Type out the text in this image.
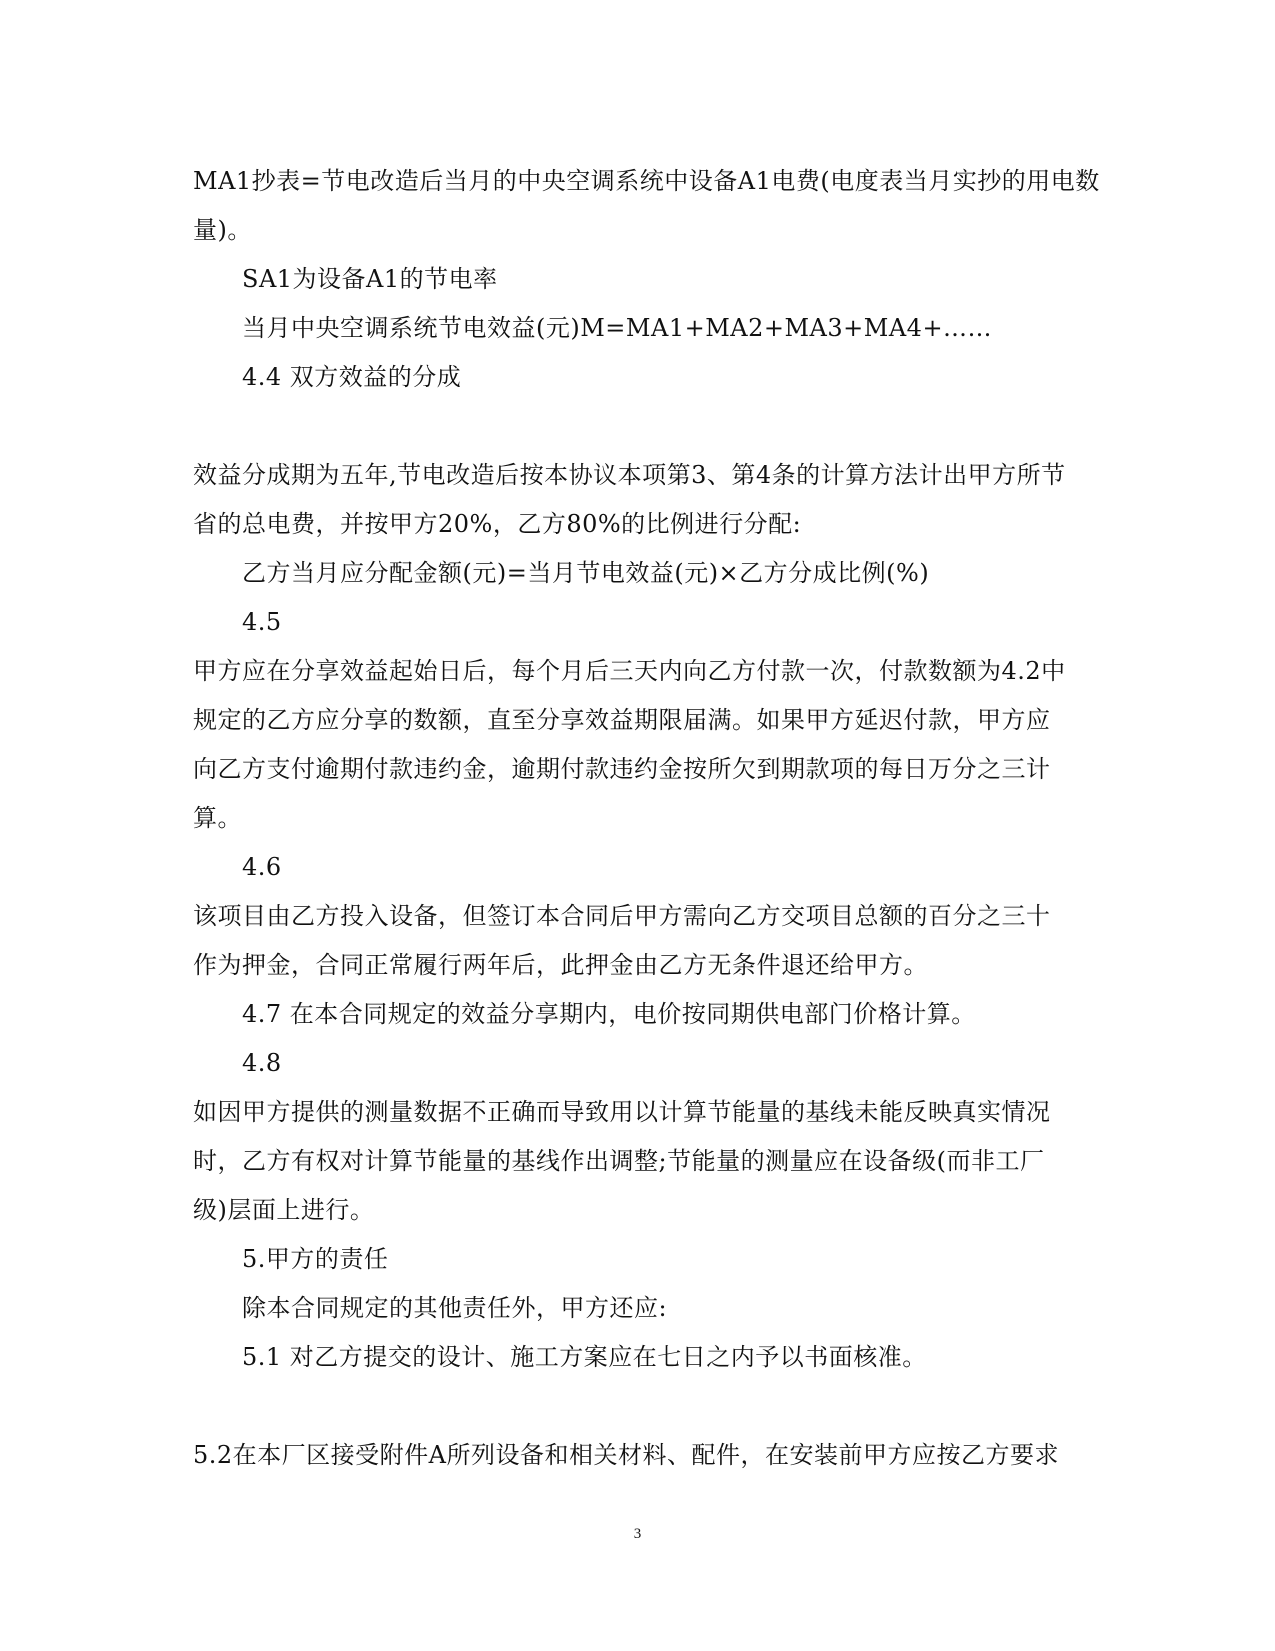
MA1抄表=节电改造后当月的中央空调系统中设备A1电费(电度表当月实抄的用电数
量)。
SA1为设备A1的节电率
当月中央空调系统节电效益(元)M=MA1+MA2+MA3+MA4+……
4.4 双方效益的分成
效益分成期为五年,节电改造后按本协议本项第3、第4条的计算方法计出甲方所节
省的总电费，并按甲方20%，乙方80%的比例进行分配:
乙方当月应分配金额(元)=当月节电效益(元)×乙方分成比例(%)
4.5
甲方应在分享效益起始日后，每个月后三天内向乙方付款一次，付款数额为4.2中
规定的乙方应分享的数额，直至分享效益期限届满。如果甲方延迟付款，甲方应
向乙方支付逾期付款违约金，逾期付款违约金按所欠到期款项的每日万分之三计
算。
4.6
该项目由乙方投入设备，但签订本合同后甲方需向乙方交项目总额的百分之三十
作为押金，合同正常履行两年后，此押金由乙方无条件退还给甲方。
4.7 在本合同规定的效益分享期内，电价按同期供电部门价格计算。
4.8
如因甲方提供的测量数据不正确而导致用以计算节能量的基线未能反映真实情况
时，乙方有权对计算节能量的基线作出调整;节能量的测量应在设备级(而非工厂
级)层面上进行。
5.甲方的责任
除本合同规定的其他责任外，甲方还应:
5.1 对乙方提交的设计、施工方案应在七日之内予以书面核准。
5.2在本厂区接受附件A所列设备和相关材料、配件，在安装前甲方应按乙方要求
3
